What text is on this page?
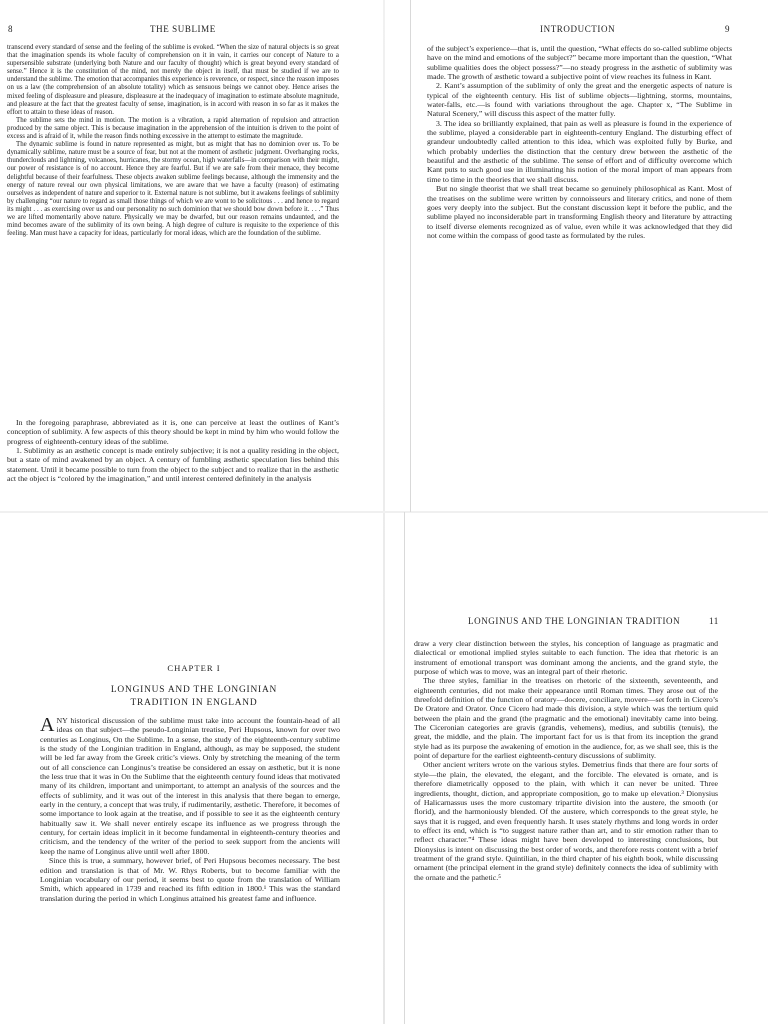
8	THE SUBLIME

transcend every standard of sense and the feeling of the sublime is evoked. “When the size of natural objects is so great that the imagination spends its whole faculty of comprehension on it in vain, it carries our concept of Nature to a supersensible substrate (underlying both Nature and our faculty of thought) which is great beyond every standard of sense.” Hence it is the constitution of the mind, not merely the object in itself, that must be studied if we are to understand the sublime. The emotion that accompanies this experience is reverence, or respect, since the reason imposes on us a law (the comprehension of an absolute totality) which as sensuous beings we cannot obey. Hence arises the mixed feeling of displeasure and pleasure, displeasure at the inadequacy of imagination to estimate absolute magnitude, and pleasure at the fact that the greatest faculty of sense, imagination, is in accord with reason in so far as it makes the effort to attain to these ideas of reason.

The sublime sets the mind in motion. The motion is a vibration, a rapid alternation of repulsion and attraction produced by the same object. This is because imagination in the apprehension of the intuition is driven to the point of excess and is afraid of it, while the reason finds nothing excessive in the attempt to estimate the magnitude.

The dynamic sublime is found in nature represented as might, but as might that has no dominion over us. To be dynamically sublime, nature must be a source of fear, but not at the moment of æsthetic judgment. Overhanging rocks, thunderclouds and lightning, volcanoes, hurricanes, the stormy ocean, high waterfalls—in comparison with their might, our power of resistance is of no account. Hence they are fearful. But if we are safe from their menace, they become delightful because of their fearfulness. These objects awaken sublime feelings because, although the immensity and the energy of nature reveal our own physical limitations, we are aware that we have a faculty (reason) of estimating ourselves as independent of nature and superior to it. External nature is not sublime, but it awakens feelings of sublimity by challenging “our nature to regard as small those things of which we are wont to be solicitous . . . and hence to regard its might . . . as exercising over us and our personality no such dominion that we should bow down before it. . . .” Thus we are lifted momentarily above nature. Physically we may be dwarfed, but our reason remains undaunted, and the mind becomes aware of the sublimity of its own being. A high degree of culture is requisite to the experience of this feeling. Man must have a capacity for ideas, particularly for moral ideas, which are the foundation of the sublime.

In the foregoing paraphrase, abbreviated as it is, one can perceive at least the outlines of Kant’s conception of sublimity. A few aspects of this theory should be kept in mind by him who would follow the progress of eighteenth-century ideas of the sublime.

1. Sublimity as an æsthetic concept is made entirely subjective; it is not a quality residing in the object, but a state of mind awakened by an object. A century of fumbling æsthetic speculation lies behind this statement. Until it became possible to turn from the object to the subject and to realize that in the æsthetic act the object is “colored by the imagination,” and until interest centered definitely in the analysis

INTRODUCTION	9

of the subject’s experience—that is, until the question, “What effects do so-called sublime objects have on the mind and emotions of the subject?” became more important than the question, “What sublime qualities does the object possess?”—no steady progress in the æsthetic of sublimity was made. The growth of æsthetic toward a subjective point of view reaches its fulness in Kant.

2. Kant’s assumption of the sublimity of only the great and the energetic aspects of nature is typical of the eighteenth century. His list of sublime objects—lightning, storms, mountains, water-falls, etc.—is found with variations throughout the age. Chapter x, “The Sublime in Natural Scenery,” will discuss this aspect of the matter fully.

3. The idea so brilliantly explained, that pain as well as pleasure is found in the experience of the sublime, played a considerable part in eighteenth-century England. The disturbing effect of grandeur undoubtedly called attention to this idea, which was exploited fully by Burke, and which probably underlies the distinction that the century drew between the æsthetic of the beautiful and the æsthetic of the sublime. The sense of effort and of difficulty overcome which Kant puts to such good use in illuminating his notion of the moral import of man appears from time to time in the theories that we shall discuss.

But no single theorist that we shall treat became so genuinely philosophical as Kant. Most of the treatises on the sublime were written by connoisseurs and literary critics, and none of them goes very deeply into the subject. But the constant discussion kept it before the public, and the sublime played no inconsiderable part in transforming English theory and literature by attracting to itself diverse elements recognized as of value, even while it was acknowledged that they did not come within the compass of good taste as formulated by the rules.

CHAPTER I
LONGINUS AND THE LONGINIAN
TRADITION IN ENGLAND

ANY historical discussion of the sublime must take into account the fountain-head of all ideas on that subject—the pseudo-Longinian treatise, Peri Hupsous, known for over two centuries as Longinus, On the Sublime. In a sense, the study of the eighteenth-century sublime is the study of the Longinian tradition in England, although, as may be supposed, the student will be led far away from the Greek critic’s views. Only by stretching the meaning of the term out of all conscience can Longinus’s treatise be considered an essay on æsthetic, but it is none the less true that it was in On the Sublime that the eighteenth century found ideas that motivated many of its children, important and unimportant, to attempt an analysis of the sources and the effects of sublimity, and it was out of the interest in this analysis that there began to emerge, early in the century, a concept that was truly, if rudimentarily, æsthetic. Therefore, it becomes of some importance to look again at the treatise, and if possible to see it as the eighteenth century habitually saw it. We shall never entirely escape its influence as we progress through the century, for certain ideas implicit in it become fundamental in eighteenth-century theories and criticism, and the tendency of the writer of the period to seek support from the ancients will keep the name of Longinus alive until well after 1800.

Since this is true, a summary, however brief, of Peri Hupsous becomes necessary. The best edition and translation is that of Mr. W. Rhys Roberts, but to become familiar with the Longinian vocabulary of our period, it seems best to quote from the translation of William Smith, which appeared in 1739 and reached its fifth edition in 1800.¹ This was the standard translation during the period in which Longinus attained his greatest fame and influence.

LONGINUS AND THE LONGINIAN TRADITION	11

draw a very clear distinction between the styles, his conception of language as pragmatic and dialectical or emotional implied styles suitable to each function. The idea that rhetoric is an instrument of emotional transport was dominant among the ancients, and the grand style, the purpose of which was to move, was an integral part of their rhetoric.

The three styles, familiar in the treatises on rhetoric of the sixteenth, seventeenth, and eighteenth centuries, did not make their appearance until Roman times. They arose out of the threefold definition of the function of oratory—docere, conciliare, movere—set forth in Cicero’s De Oratore and Orator. Once Cicero had made this division, a style which was the tertium quid between the plain and the grand (the pragmatic and the emotional) inevitably came into being. The Ciceronian categories are gravis (grandis, vehemens), medius, and subtilis (tenuis), the great, the middle, and the plain. The important fact for us is that from its inception the grand style had as its purpose the awakening of emotion in the audience, for, as we shall see, this is the point of departure for the earliest eighteenth-century discussions of sublimity.

Other ancient writers wrote on the various styles. Demetrius finds that there are four sorts of style—the plain, the elevated, the elegant, and the forcible. The elevated is ornate, and is therefore diametrically opposed to the plain, with which it can never be united. Three ingredients, thought, diction, and appropriate composition, go to make up elevation.³ Dionysius of Halicarnassus uses the more customary tripartite division into the austere, the smooth (or florid), and the harmoniously blended. Of the austere, which corresponds to the great style, he says that it is rugged, and even frequently harsh. It uses stately rhythms and long words in order to effect its end, which is “to suggest nature rather than art, and to stir emotion rather than to reflect character.”⁴ These ideas might have been developed to interesting conclusions, but Dionysius is intent on discussing the best order of words, and therefore rests content with a brief treatment of the grand style. Quintilian, in the third chapter of his eighth book, while discussing ornament (the principal element in the grand style) definitely connects the idea of sublimity with the ornate and the pathetic.⁵
